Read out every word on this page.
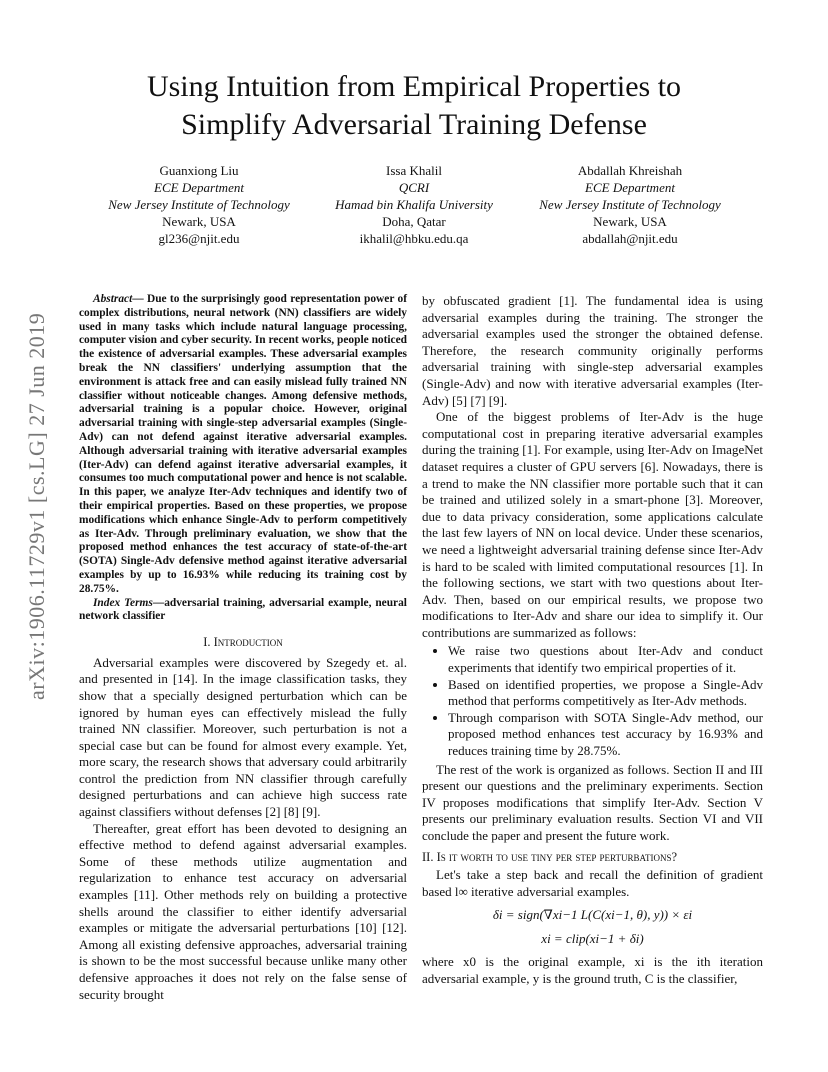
Using Intuition from Empirical Properties to
Simplify Adversarial Training Defense
Guanxiong Liu
ECE Department
New Jersey Institute of Technology
Newark, USA
gl236@njit.edu
Issa Khalil
QCRI
Hamad bin Khalifa University
Doha, Qatar
ikhalil@hbku.edu.qa
Abdallah Khreishah
ECE Department
New Jersey Institute of Technology
Newark, USA
abdallah@njit.edu
arXiv:1906.11729v1 [cs.LG] 27 Jun 2019

Abstract— Due to the surprisingly good representation power of complex distributions, neural network (NN) classifiers are widely used in many tasks which include natural language processing, computer vision and cyber security. In recent works, people noticed the existence of adversarial examples. These adversarial examples break the NN classifiers' underlying assumption that the environment is attack free and can easily mislead fully trained NN classifier without noticeable changes. Among defensive methods, adversarial training is a popular choice. However, original adversarial training with single-step adversarial examples (Single-Adv) can not defend against iterative adversarial examples. Although adversarial training with iterative adversarial examples (Iter-Adv) can defend against iterative adversarial examples, it consumes too much computational power and hence is not scalable. In this paper, we analyze Iter-Adv techniques and identify two of their empirical properties. Based on these properties, we propose modifications which enhance Single-Adv to perform competitively as Iter-Adv. Through preliminary evaluation, we show that the proposed method enhances the test accuracy of state-of-the-art (SOTA) Single-Adv defensive method against iterative adversarial examples by up to 16.93% while reducing its training cost by 28.75%.

Index Terms—adversarial training, adversarial example, neural network classifier

I. Introduction

Adversarial examples were discovered by Szegedy et. al. and presented in [14]. In the image classification tasks, they show that a specially designed perturbation which can be ignored by human eyes can effectively mislead the fully trained NN classifier. Moreover, such perturbation is not a special case but can be found for almost every example. Yet, more scary, the research shows that adversary could arbitrarily control the prediction from NN classifier through carefully designed perturbations and can achieve high success rate against classifiers without defenses [2] [8] [9].

Thereafter, great effort has been devoted to designing an effective method to defend against adversarial examples. Some of these methods utilize augmentation and regularization to enhance test accuracy on adversarial examples [11]. Other methods rely on building a protective shells around the classifier to either identify adversarial examples or mitigate the adversarial perturbations [10] [12]. Among all existing defensive approaches, adversarial training is shown to be the most successful because unlike many other defensive approaches it does not rely on the false sense of security brought

by obfuscated gradient [1]. The fundamental idea is using adversarial examples during the training. The stronger the adversarial examples used the stronger the obtained defense. Therefore, the research community originally performs adversarial training with single-step adversarial examples (Single-Adv) and now with iterative adversarial examples (Iter-Adv) [5] [7] [9].

One of the biggest problems of Iter-Adv is the huge computational cost in preparing iterative adversarial examples during the training [1]. For example, using Iter-Adv on ImageNet dataset requires a cluster of GPU servers [6]. Nowadays, there is a trend to make the NN classifier more portable such that it can be trained and utilized solely in a smart-phone [3]. Moreover, due to data privacy consideration, some applications calculate the last few layers of NN on local device. Under these scenarios, we need a lightweight adversarial training defense since Iter-Adv is hard to be scaled with limited computational resources [1]. In the following sections, we start with two questions about Iter-Adv. Then, based on our empirical results, we propose two modifications to Iter-Adv and share our idea to simplify it. Our contributions are summarized as follows:

• We raise two questions about Iter-Adv and conduct experiments that identify two empirical properties of it.
• Based on identified properties, we propose a Single-Adv method that performs competitively as Iter-Adv methods.
• Through comparison with SOTA Single-Adv method, our proposed method enhances test accuracy by 16.93% and reduces training time by 28.75%.

The rest of the work is organized as follows. Section II and III present our questions and the preliminary experiments. Section IV proposes modifications that simplify Iter-Adv. Section V presents our preliminary evaluation results. Section VI and VII conclude the paper and present the future work.

II. Is it worth to use tiny per step perturbations?

Let's take a step back and recall the definition of gradient based l∞ iterative adversarial examples.

δi = sign(∇xi−1 L(C(xi−1, θ), y)) × εi
xi = clip(xi−1 + δi)

where x0 is the original example, xi is the ith iteration adversarial example, y is the ground truth, C is the classifier,
